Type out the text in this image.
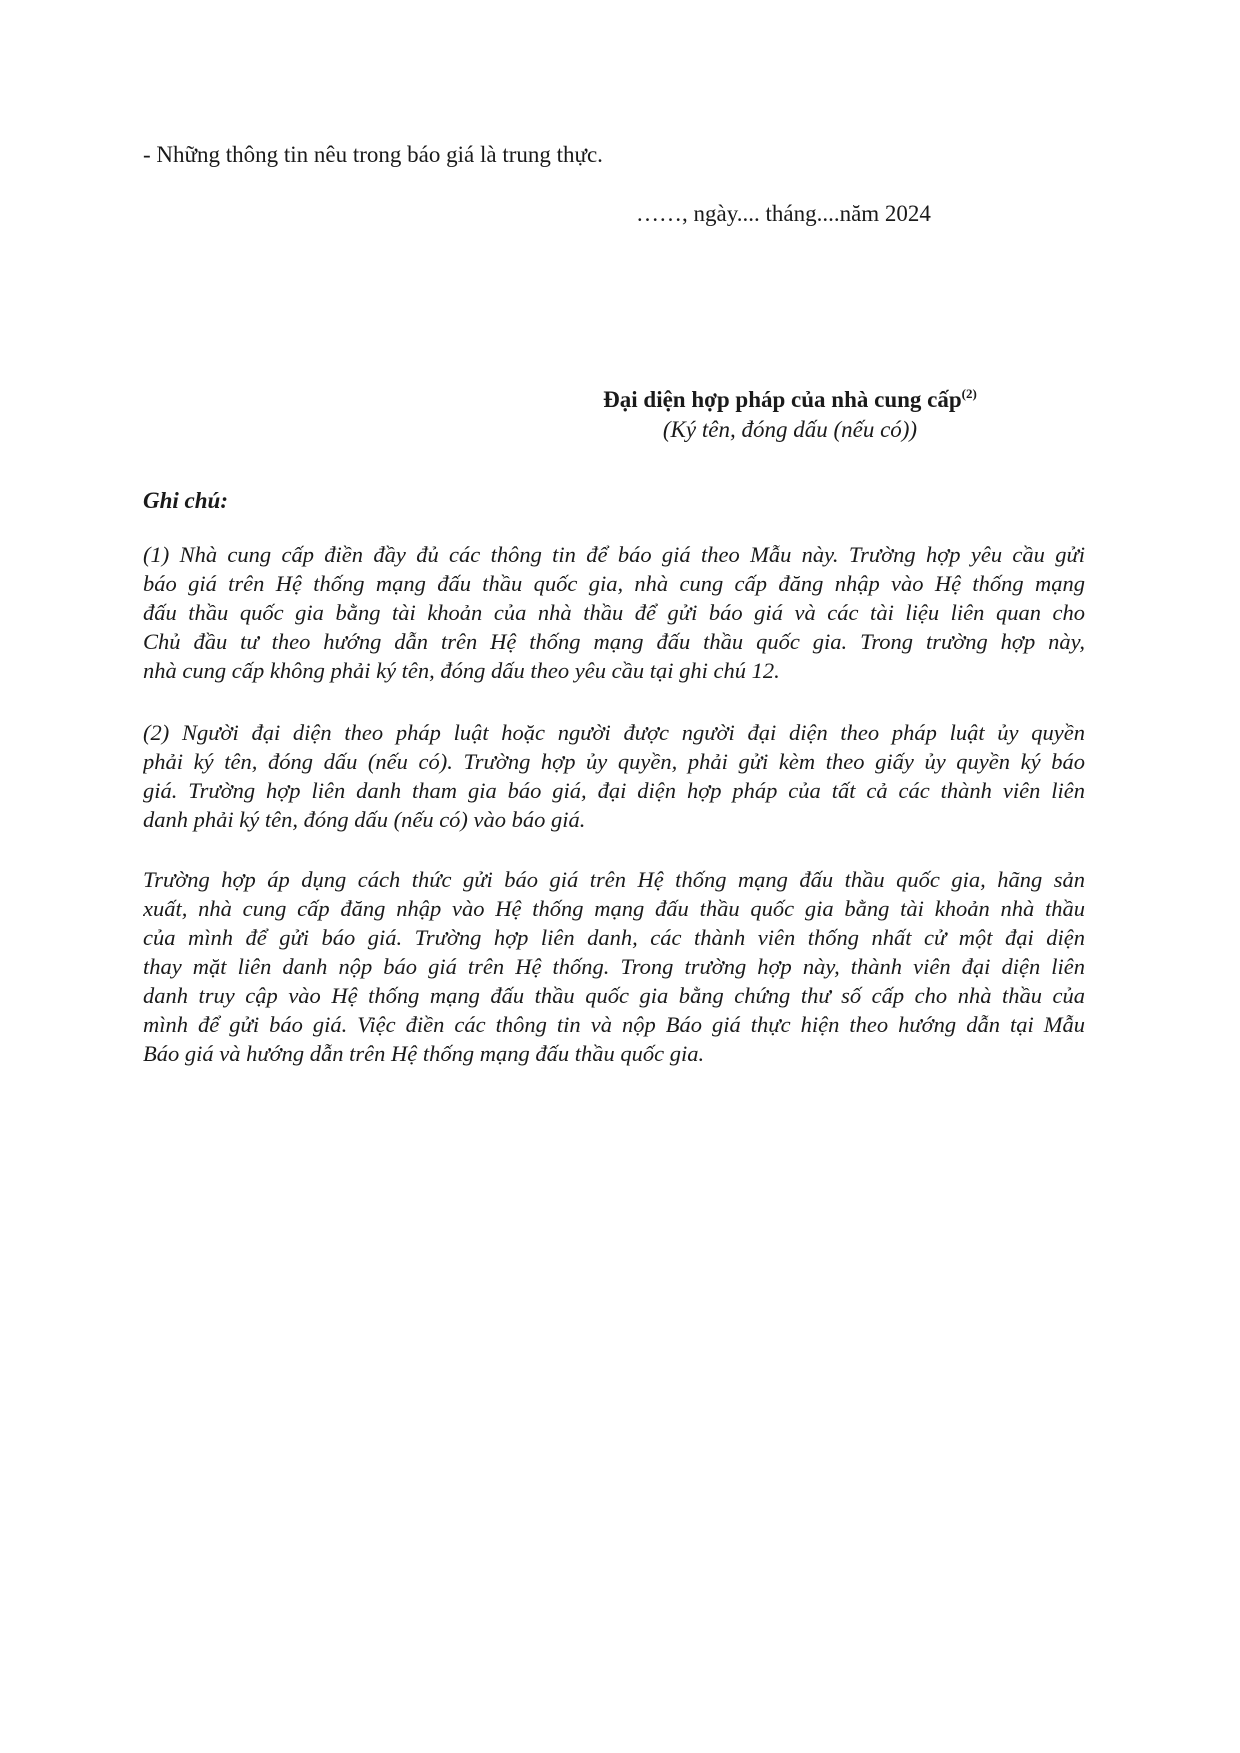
- Những thông tin nêu trong báo giá là trung thực.
……, ngày.... tháng....năm 2024
Đại diện hợp pháp của nhà cung cấp$^{(2)}$
(Ký tên, đóng dấu (nếu có))
Ghi chú:
(1) Nhà cung cấp điền đầy đủ các thông tin để báo giá theo Mẫu này. Trường hợp yêu cầu gửi
báo giá trên Hệ thống mạng đấu thầu quốc gia, nhà cung cấp đăng nhập vào Hệ thống mạng
đấu thầu quốc gia bằng tài khoản của nhà thầu để gửi báo giá và các tài liệu liên quan cho
Chủ đầu tư theo hướng dẫn trên Hệ thống mạng đấu thầu quốc gia. Trong trường hợp này,
nhà cung cấp không phải ký tên, đóng dấu theo yêu cầu tại ghi chú 12.
(2) Người đại diện theo pháp luật hoặc người được người đại diện theo pháp luật ủy quyền
phải ký tên, đóng dấu (nếu có). Trường hợp ủy quyền, phải gửi kèm theo giấy ủy quyền ký báo
giá. Trường hợp liên danh tham gia báo giá, đại diện hợp pháp của tất cả các thành viên liên
danh phải ký tên, đóng dấu (nếu có) vào báo giá.
Trường hợp áp dụng cách thức gửi báo giá trên Hệ thống mạng đấu thầu quốc gia, hãng sản
xuất, nhà cung cấp đăng nhập vào Hệ thống mạng đấu thầu quốc gia bằng tài khoản nhà thầu
của mình để gửi báo giá. Trường hợp liên danh, các thành viên thống nhất cử một đại diện
thay mặt liên danh nộp báo giá trên Hệ thống. Trong trường hợp này, thành viên đại diện liên
danh truy cập vào Hệ thống mạng đấu thầu quốc gia bằng chứng thư số cấp cho nhà thầu của
mình để gửi báo giá. Việc điền các thông tin và nộp Báo giá thực hiện theo hướng dẫn tại Mẫu
Báo giá và hướng dẫn trên Hệ thống mạng đấu thầu quốc gia.
